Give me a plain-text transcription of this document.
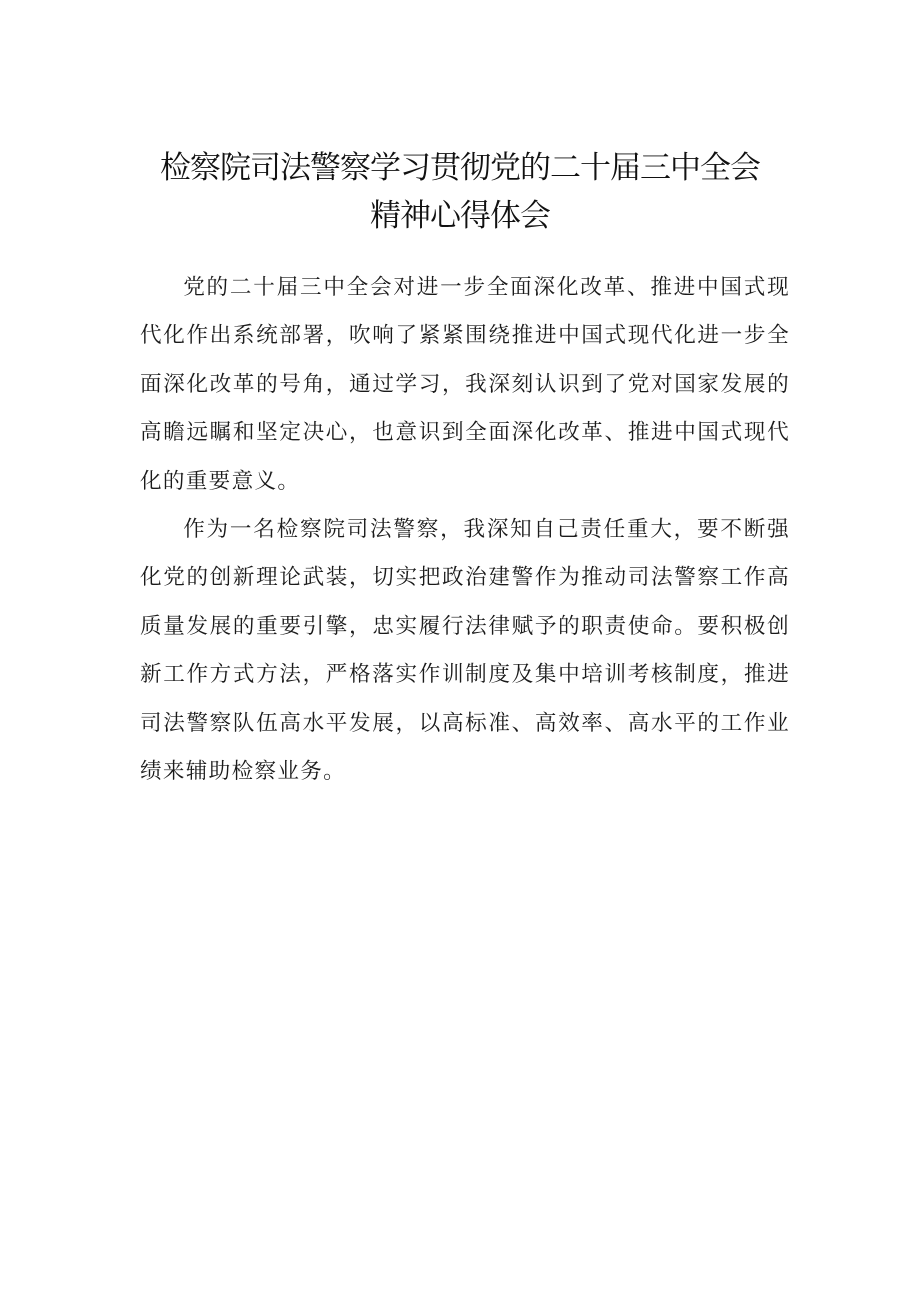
检察院司法警察学习贯彻党的二十届三中全会
精神心得体会

党的二十届三中全会对进一步全面深化改革、推进中国式现代化作出系统部署，吹响了紧紧围绕推进中国式现代化进一步全面深化改革的号角，通过学习，我深刻认识到了党对国家发展的高瞻远瞩和坚定决心，也意识到全面深化改革、推进中国式现代化的重要意义。

作为一名检察院司法警察，我深知自己责任重大，要不断强化党的创新理论武装，切实把政治建警作为推动司法警察工作高质量发展的重要引擎，忠实履行法律赋予的职责使命。要积极创新工作方式方法，严格落实作训制度及集中培训考核制度，推进司法警察队伍高水平发展，以高标准、高效率、高水平的工作业绩来辅助检察业务。
